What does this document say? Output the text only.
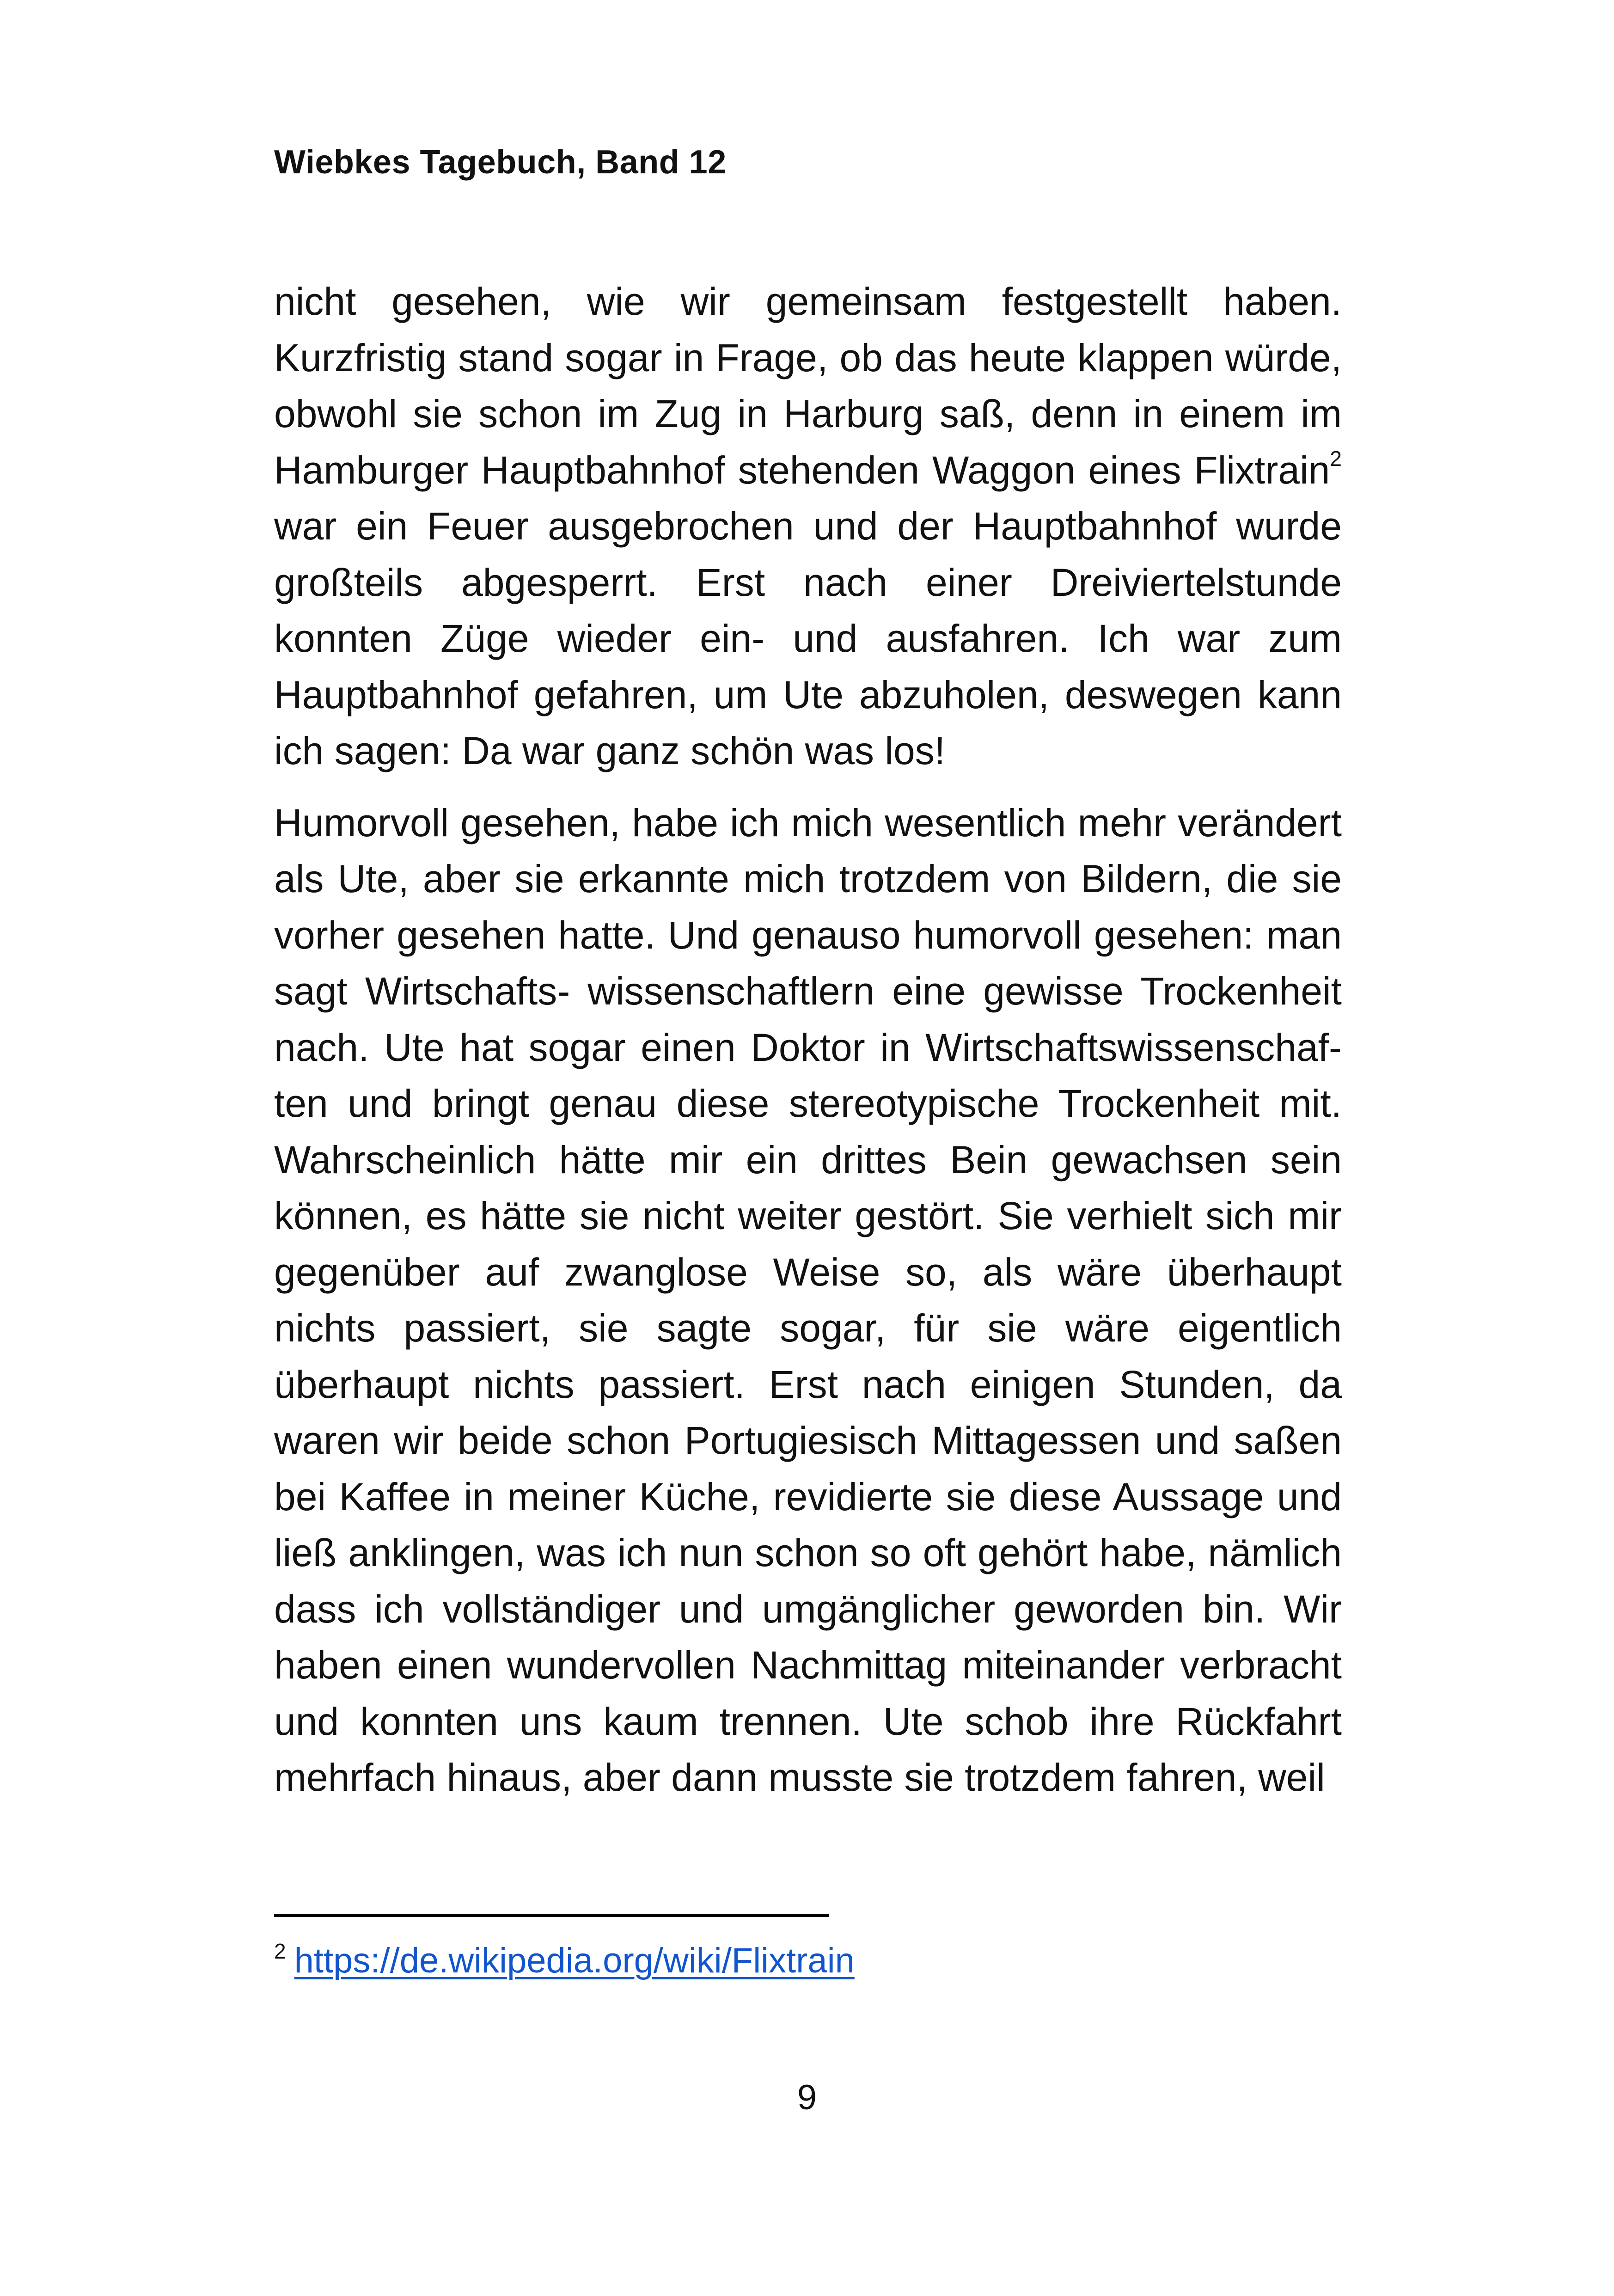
Wiebkes Tagebuch, Band 12

nicht gesehen, wie wir gemeinsam festgestellt haben. Kurzfristig stand sogar in Frage, ob das heute klappen würde, obwohl sie schon im Zug in Harburg saß, denn in einem im Hamburger Hauptbahnhof stehenden Waggon eines Flixtrain$^2$ war ein Feuer ausgebrochen und der Hauptbahnhof wurde großteils abgesperrt. Erst nach einer Dreiviertelstunde konnten Züge wieder ein- und ausfahren. Ich war zum Hauptbahnhof gefahren, um Ute abzuholen, deswegen kann ich sagen: Da war ganz schön was los!

Humorvoll gesehen, habe ich mich wesentlich mehr verändert als Ute, aber sie erkannte mich trotzdem von Bildern, die sie vorher gesehen hatte. Und genauso humorvoll gesehen: man sagt Wirtschafts- wissenschaftlern eine gewisse Trockenheit nach. Ute hat sogar einen Doktor in Wirtschaftswissenschaften und bringt genau diese stereotypische Trockenheit mit. Wahrscheinlich hätte mir ein drittes Bein gewachsen sein können, es hätte sie nicht weiter gestört. Sie verhielt sich mir gegenüber auf zwanglose Weise so, als wäre überhaupt nichts passiert, sie sagte sogar, für sie wäre eigentlich überhaupt nichts passiert. Erst nach einigen Stunden, da waren wir beide schon Portugiesisch Mittagessen und saßen bei Kaffee in meiner Küche, revidierte sie diese Aussage und ließ anklingen, was ich nun schon so oft gehört habe, nämlich dass ich vollständiger und umgänglicher geworden bin. Wir haben einen wundervollen Nachmittag miteinander verbracht und konnten uns kaum trennen. Ute schob ihre Rückfahrt mehrfach hinaus, aber dann musste sie trotzdem fahren, weil

$^2$ https://de.wikipedia.org/wiki/Flixtrain
9
